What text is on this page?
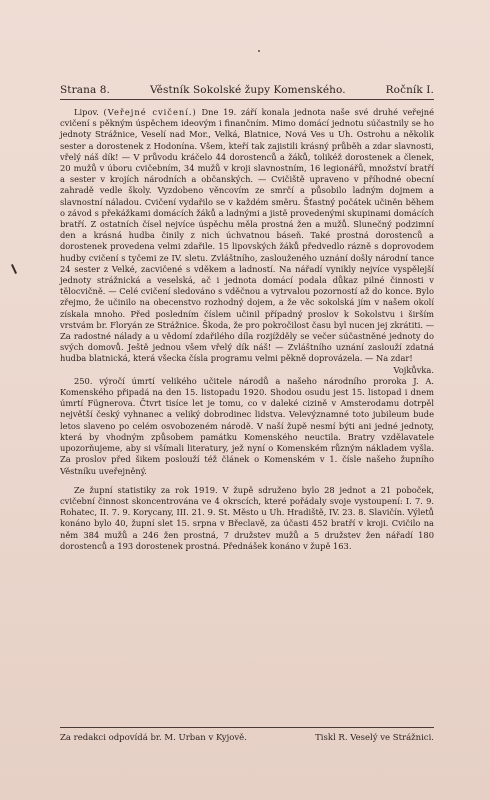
Strana 8.	Věstník Sokolské župy Komenského.	Ročník I.

Lipov. (Veřejné cvičení.) Dne 19. září konala jednota naše své druhé veřejné cvičení s pěkným úspěchem ideovým i finančním. Mimo domácí jednotu súčastnily se ho jednoty Strážnice, Veselí nad Mor., Velká, Blatnice, Nová Ves u Uh. Ostrohu a několik sester a dorostenek z Hodonína. Všem, kteří tak zajistili krásný průběh a zdar slavnosti, vřelý náš dík! — V průvodu kráčelo 44 dorostenců a žáků, tolikéž dorostenek a členek, 20 mužů v úboru cvičebním, 34 mužů v kroji slavnostním, 16 legionářů, množství bratří a sester v krojích národních a občanských. — Cvičiště upraveno v příhodné obecní zahradě vedle školy. Vyzdobeno věncovím ze smrčí a působilo ladným dojmem a slavnostní náladou. Cvičení vydařilo se v každém směru. Šťastný počátek učiněn během o závod s překážkami domácích žáků a ladnými a jistě provedenými skupinami domácích bratří. Z ostatních čísel nejvíce úspěchu měla prostná žen a mužů. Slunečný podzimní den a krásná hudba činily z nich úchvatnou báseň. Také prostná dorostenců a dorostenek provedena velmi zdařile. 15 lipovských žáků předvedlo rázně s doprovodem hudby cvičení s tyčemi ze IV. sletu. Zvláštního, zaslouženého uznání došly národní tance 24 sester z Velké, zacvičené s vděkem a ladností. Na nářadí vynikly nejvíce vyspělejší jednoty strážnická a veselská, ač i jednota domácí podala důkaz pilné činnosti v tělocvičně. — Celé cvičení sledováno s vděčnou a vytrvalou pozorností až do konce. Bylo zřejmo, že učinilo na obecenstvo rozhodný dojem, a že věc sokolská jím v našem okolí získala mnoho. Před posledním číslem učinil případný proslov k Sokolstvu i širším vrstvám br. Floryán ze Strážnice. Škoda, že pro pokročilost času byl nucen jej zkrátiti. — Za radostné nálady a u vědomí zdařilého díla rozjížděly se večer súčastněné jednoty do svých domovů. Ještě jednou všem vřelý dík náš! — Zvláštního uznání zaslouží zdatná hudba blatnická, která všecka čísla programu velmi pěkně doprovázela. — Na zdar!
Vojkůvka.

250. výročí úmrtí velikého učitele národů a našeho národního proroka J. A. Komenského připadá na den 15. listopadu 1920. Shodou osudu jest 15. listopad i dnem úmrtí Fügnerova. Čtvrt tisíce let je tomu, co v daleké cizině v Amsterodamu dotrpěl největší český vyhnanec a veliký dobrodinec lidstva. Velevýznamné toto jubileum bude letos slaveno po celém osvobozeném národě. V naší župě nesmí býti ani jedné jednoty, která by vhodným způsobem památku Komenského neuctila. Bratry vzdělavatele upozorňujeme, aby si všímali literatury, jež nyní o Komenském různým nákladem vyšla. Za proslov před šikem poslouží též článek o Komenském v 1. čísle našeho župního Věstníku uveřejněný.

Ze župní statistiky za rok 1919. V župě sdruženo bylo 28 jednot a 21 poboček, cvičební činnost skoncentrována ve 4 okrscích, které pořádaly svoje vystoupení: I. 7. 9. Rohatec, II. 7. 9. Korycany, III. 21. 9. St. Město u Uh. Hradiště, IV. 23. 8. Slavičín. Výletů konáno bylo 40, župní slet 15. srpna v Břeclavě, za účasti 452 bratří v kroji. Cvičilo na něm 384 mužů a 246 žen prostná, 7 družstev mužů a 5 družstev žen nářadí 180 dorostenců a 193 dorostenek prostná. Přednášek konáno v župě 163.

Za redakci odpovídá br. M. Urban v Kyjově.	Tiskl R. Veselý ve Strážnici.
